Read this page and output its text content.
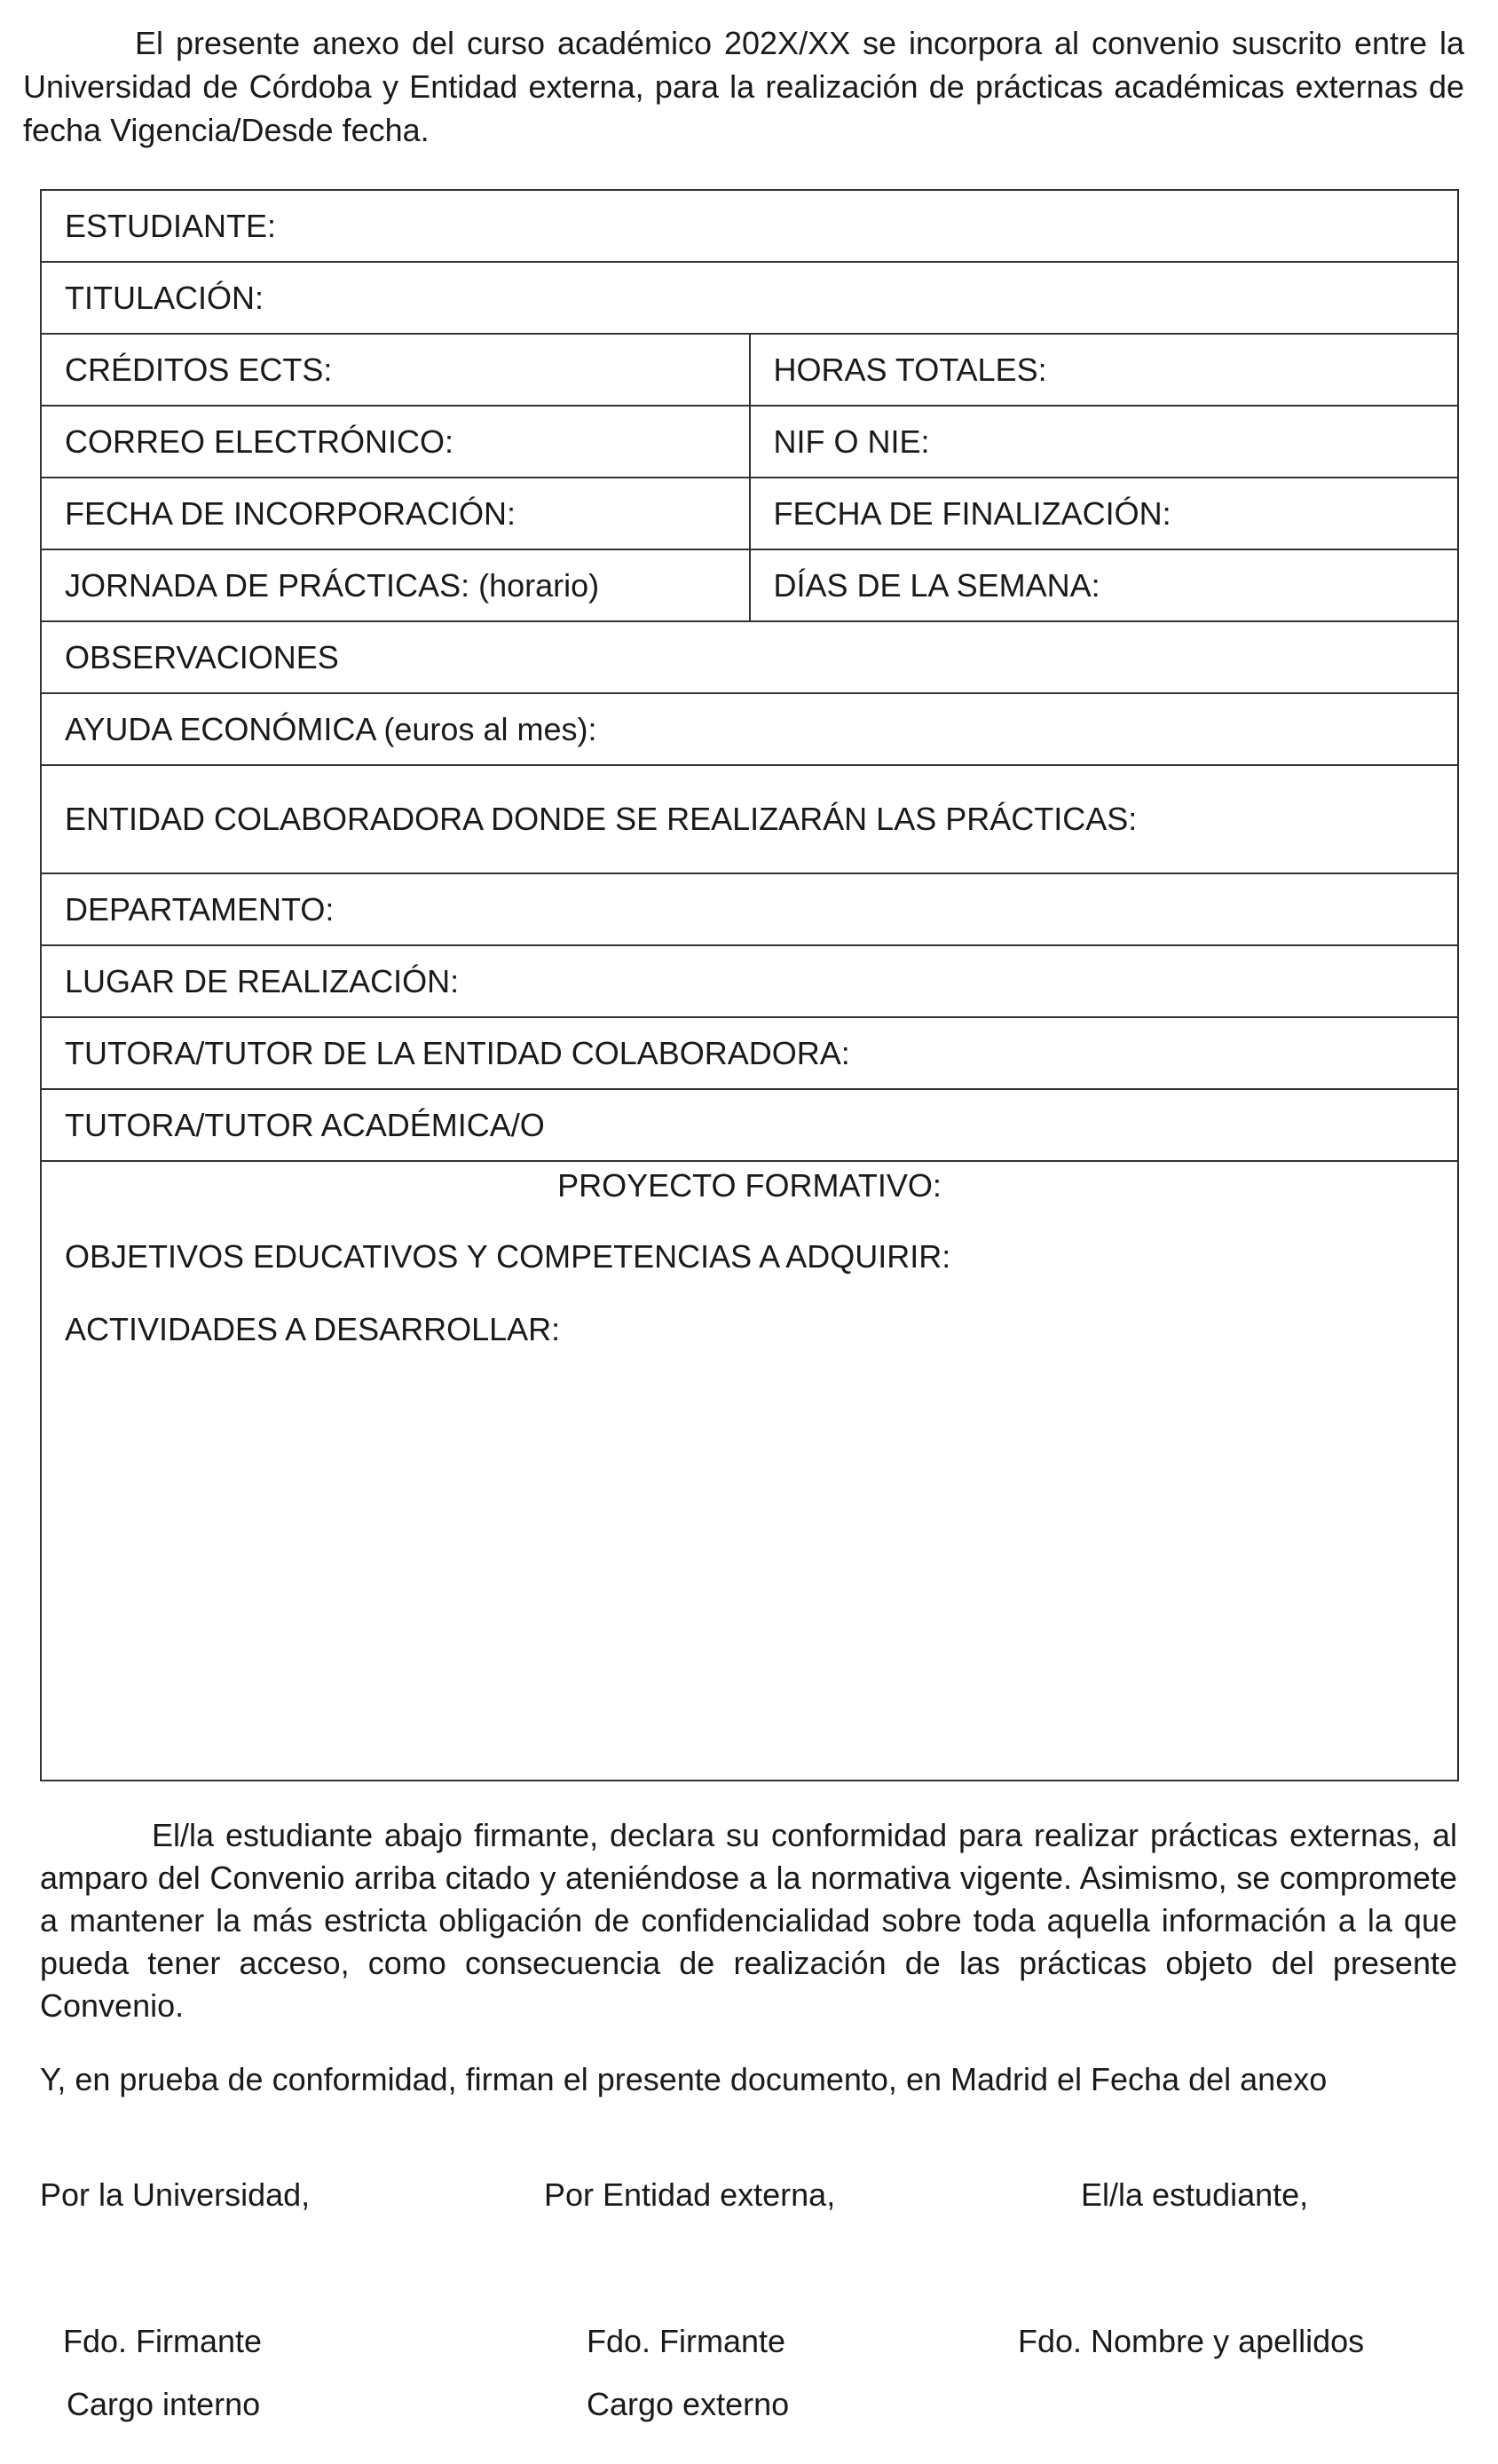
El presente anexo del curso académico 202X/XX se incorpora al convenio suscrito entre la Universidad de Córdoba y Entidad externa, para la realización de prácticas académicas externas de fecha Vigencia/Desde fecha.

ESTUDIANTE:	
TITULACIÓN:	
CRÉDITOS ECTS:	HORAS TOTALES:
CORREO ELECTRÓNICO:	NIF O NIE:
FECHA DE INCORPORACIÓN:	FECHA DE FINALIZACIÓN:
JORNADA DE PRÁCTICAS: (horario)	DÍAS DE LA SEMANA:
OBSERVACIONES	
AYUDA ECONÓMICA (euros al mes):	
ENTIDAD COLABORADORA DONDE SE REALIZARÁN LAS PRÁCTICAS:	
DEPARTAMENTO:	
LUGAR DE REALIZACIÓN:	
TUTORA/TUTOR DE LA ENTIDAD COLABORADORA:	
TUTORA/TUTOR ACADÉMICA/O	

PROYECTO FORMATIVO:
OBJETIVOS EDUCATIVOS Y COMPETENCIAS A ADQUIRIR:
ACTIVIDADES A DESARROLLAR:	

El/la estudiante abajo firmante, declara su conformidad para realizar prácticas externas, al amparo del Convenio arriba citado y ateniéndose a la normativa vigente. Asimismo, se compromete a mantener la más estricta obligación de confidencialidad sobre toda aquella información a la que pueda tener acceso, como consecuencia de realización de las prácticas objeto del presente Convenio.

Y, en prueba de conformidad, firman el presente documento, en Madrid el Fecha del anexo

Por la Universidad,	Por Entidad externa,	El/la estudiante,
Fdo. Firmante	Fdo. Firmante	Fdo. Nombre y apellidos
Cargo interno	Cargo externo
